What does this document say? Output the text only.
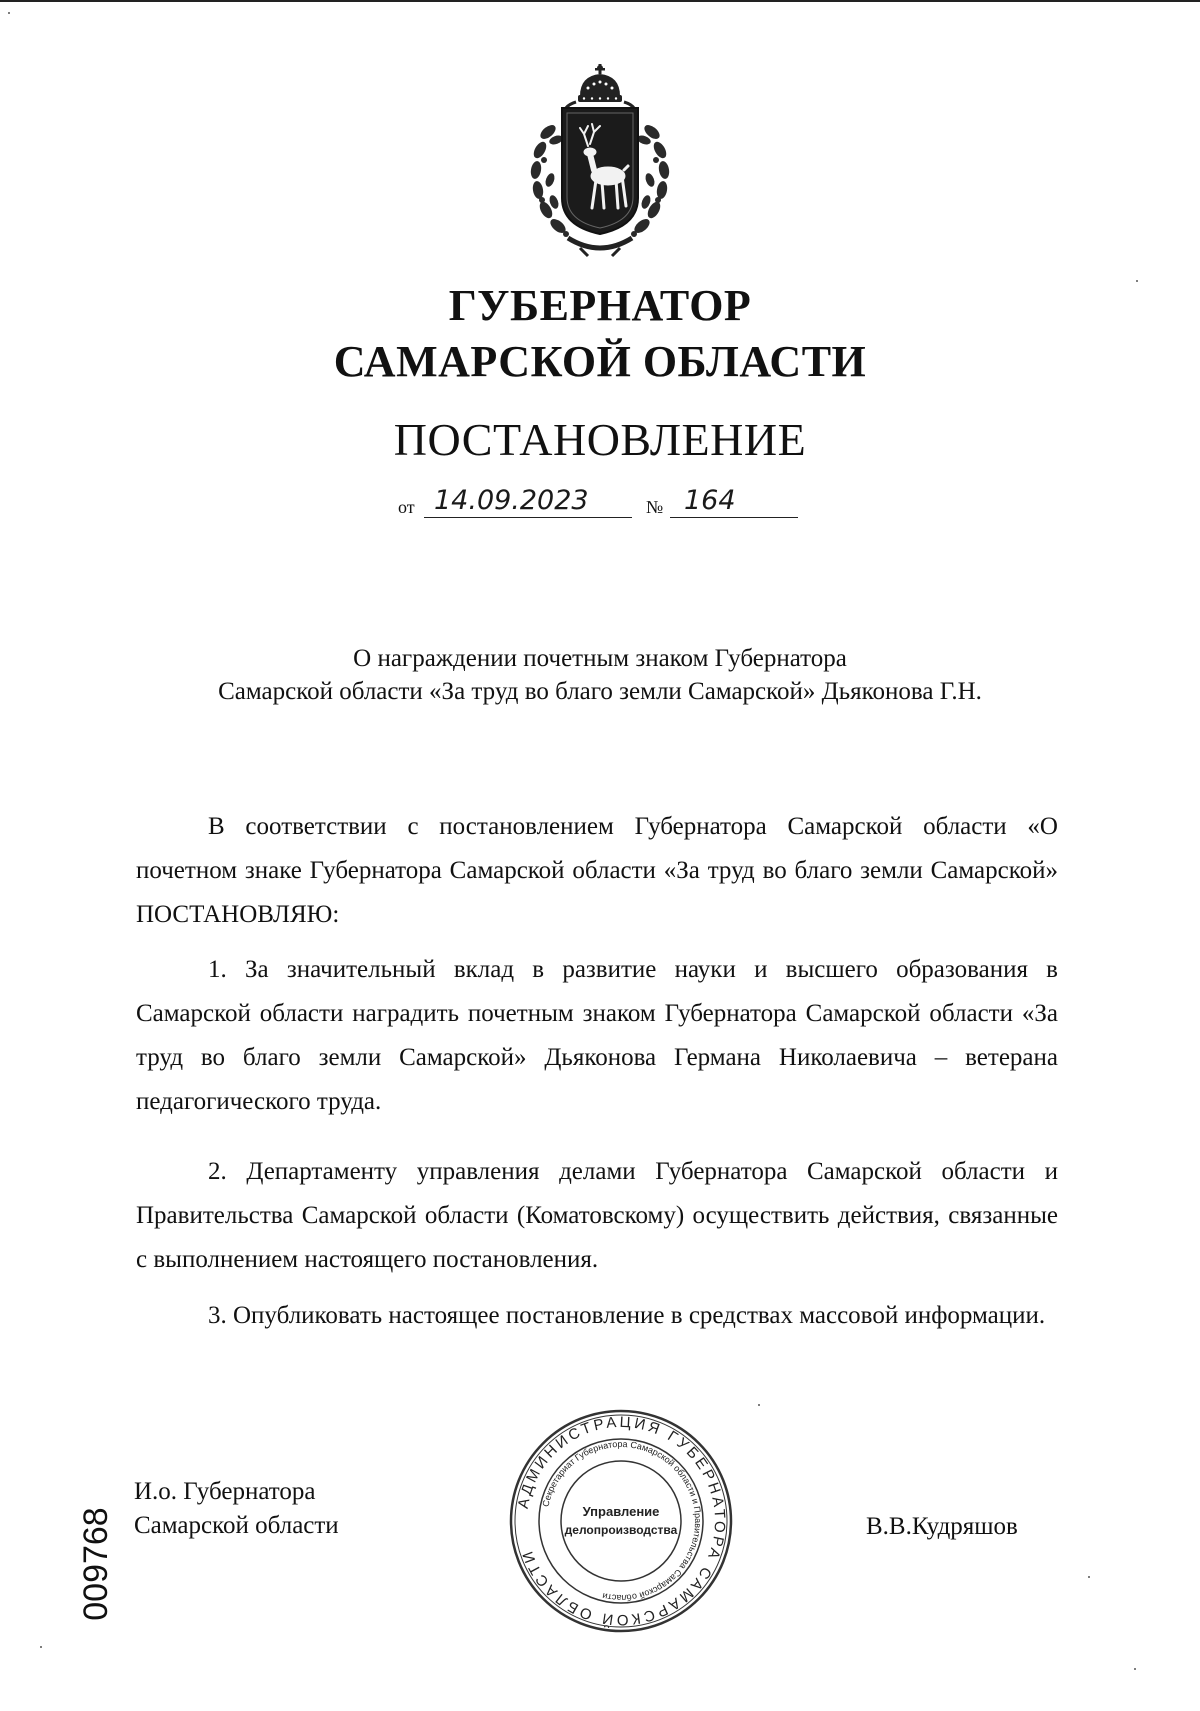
ГУБЕРНАТОР
САМАРСКОЙ ОБЛАСТИ
ПОСТАНОВЛЕНИЕ
от 14.09.2023	№ 164
О награждении почетным знаком Губернатора
Самарской области «За труд во благо земли Самарской» Дьяконова Г.Н.
В соответствии с постановлением Губернатора Самарской области «О почетном знаке Губернатора Самарской области «За труд во благо земли Самарской» ПОСТАНОВЛЯЮ:
1. За значительный вклад в развитие науки и высшего образования в Самарской области наградить почетным знаком Губернатора Самарской области «За труд во благо земли Самарской» Дьяконова Германа Николаевича – ветерана педагогического труда.
2. Департаменту управления делами Губернатора Самарской области и Правительства Самарской области (Коматовскому) осуществить действия, связанные с выполнением настоящего постановления.
3. Опубликовать настоящее постановление в средствах массовой информации.
009768
И.о. Губернатора
Самарской области
АДМИНИСТРАЦИЯ ГУБЕРНАТОРА САМАРСКОЙ ОБЛАСТИ
Секретариат Губернатора Самарской области и Правительства Самарской области
Управление
делопроизводства	В.В.Кудряшов
